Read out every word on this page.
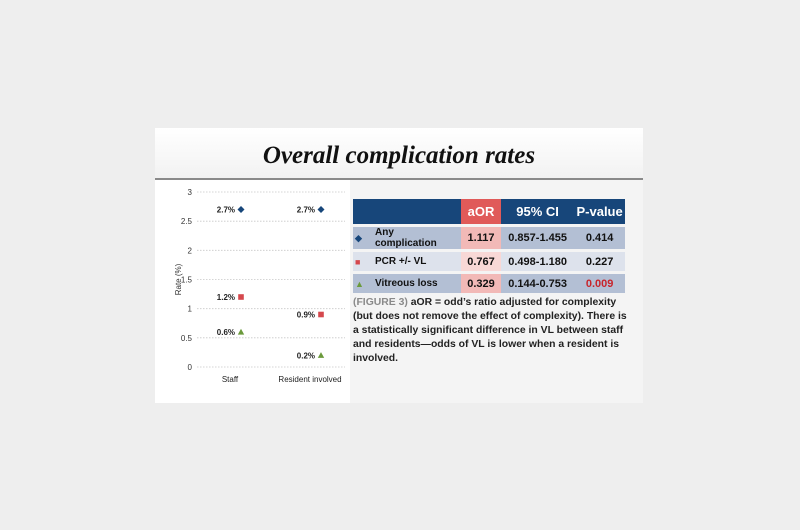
Overall complication rates
3
2.5
2
1.5
1
0.5
0
Rate (%)
Staff	Resident involved
2.7%	2.7%
1.2%
0.9%
0.6%
0.2%
		aOR	95% CI	P-value
◆	Any complication	1.117	0.857-1.455	0.414
■	PCR +/- VL	0.767	0.498-1.180	0.227
▲	Vitreous loss	0.329	0.144-0.753	0.009
(FIGURE 3) aOR = odd’s ratio adjusted for complexity (but does not remove the effect of complexity). There is a statistically significant difference in VL between staff and residents—odds of VL is lower when a resident is involved.
